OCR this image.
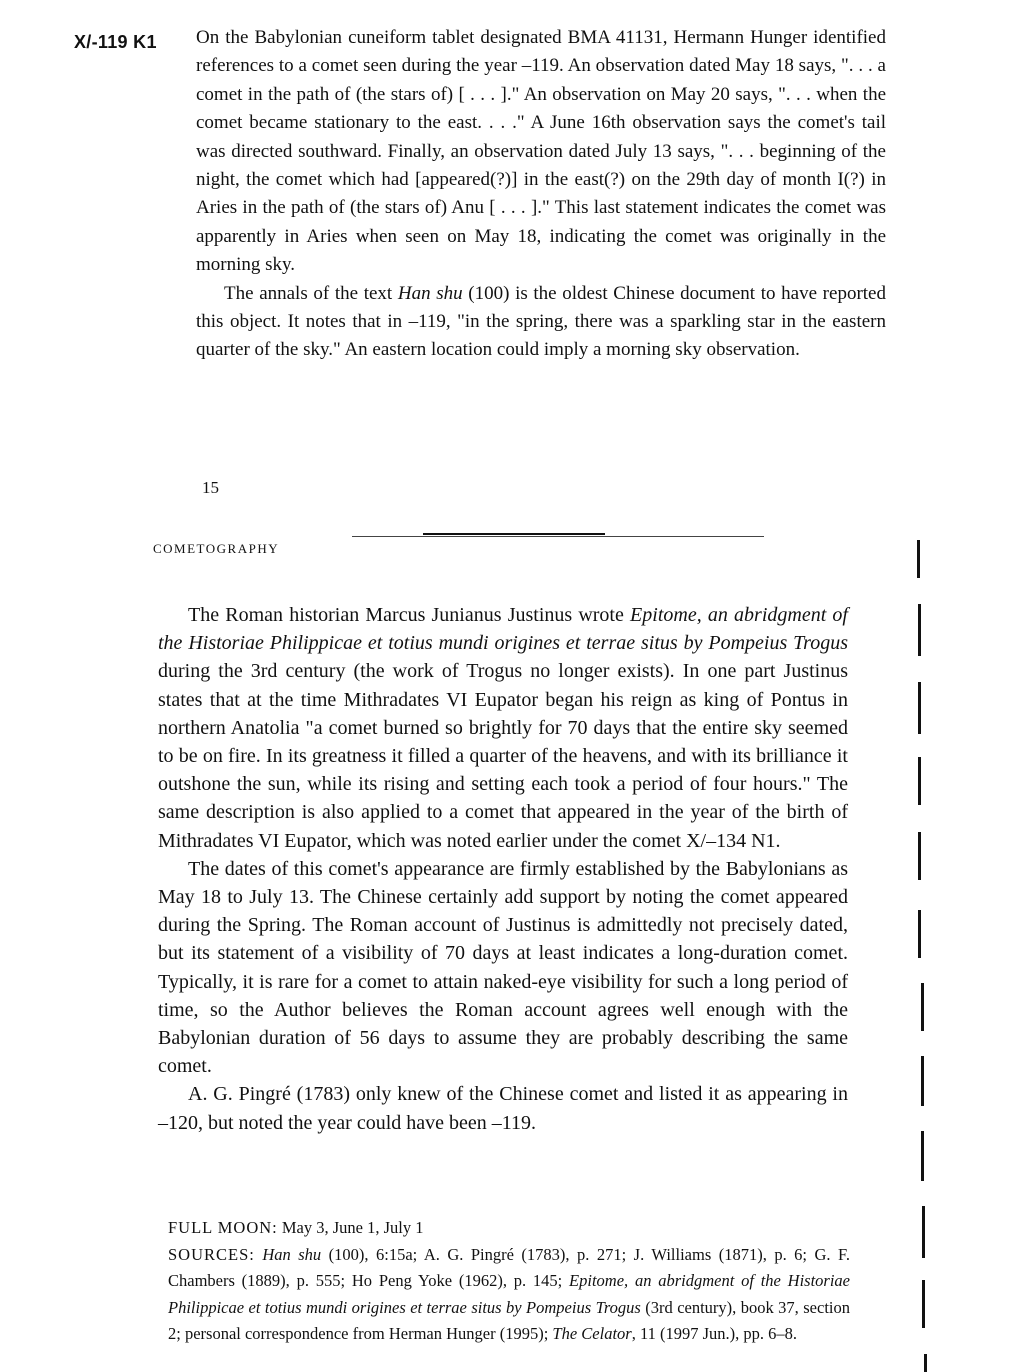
X/-119 K1 On the Babylonian cuneiform tablet designated BMA 41131, Hermann Hunger identified references to a comet seen during the year –119. An observation dated May 18 says, ". . . a comet in the path of (the stars of) [ . . . ]." An observation on May 20 says, ". . . when the comet became stationary to the east. . . ." A June 16th observation says the comet's tail was directed southward. Finally, an observation dated July 13 says, ". . . beginning of the night, the comet which had [appeared(?)] in the east(?) on the 29th day of month I(?) in Aries in the path of (the stars of) Anu [ . . . ]." This last statement indicates the comet was apparently in Aries when seen on May 18, indicating the comet was originally in the morning sky.

The annals of the text Han shu (100) is the oldest Chinese document to have reported this object. It notes that in –119, "in the spring, there was a sparkling star in the eastern quarter of the sky." An eastern location could imply a morning sky observation.

15
COMETOGRAPHY

The Roman historian Marcus Junianus Justinus wrote Epitome, an abridgment of the Historiae Philippicae et totius mundi origines et terrae situs by Pompeius Trogus during the 3rd century (the work of Trogus no longer exists). In one part Justinus states that at the time Mithradates VI Eupator began his reign as king of Pontus in northern Anatolia "a comet burned so brightly for 70 days that the entire sky seemed to be on fire. In its greatness it filled a quarter of the heavens, and with its brilliance it outshone the sun, while its rising and setting each took a period of four hours." The same description is also applied to a comet that appeared in the year of the birth of Mithradates VI Eupator, which was noted earlier under the comet X/–134 N1.

The dates of this comet's appearance are firmly established by the Babylonians as May 18 to July 13. The Chinese certainly add support by noting the comet appeared during the Spring. The Roman account of Justinus is admittedly not precisely dated, but its statement of a visibility of 70 days at least indicates a long-duration comet. Typically, it is rare for a comet to attain naked-eye visibility for such a long period of time, so the Author believes the Roman account agrees well enough with the Babylonian duration of 56 days to assume they are probably describing the same comet.

A. G. Pingré (1783) only knew of the Chinese comet and listed it as appearing in –120, but noted the year could have been –119.

FULL MOON: May 3, June 1, July 1

SOURCES: Han shu (100), 6:15a; A. G. Pingré (1783), p. 271; J. Williams (1871), p. 6; G. F. Chambers (1889), p. 555; Ho Peng Yoke (1962), p. 145; Epitome, an abridgment of the Historiae Philippicae et totius mundi origines et terrae situs by Pompeius Trogus (3rd century), book 37, section 2; personal correspondence from Herman Hunger (1995); The Celator, 11 (1997 Jun.), pp. 6–8.
